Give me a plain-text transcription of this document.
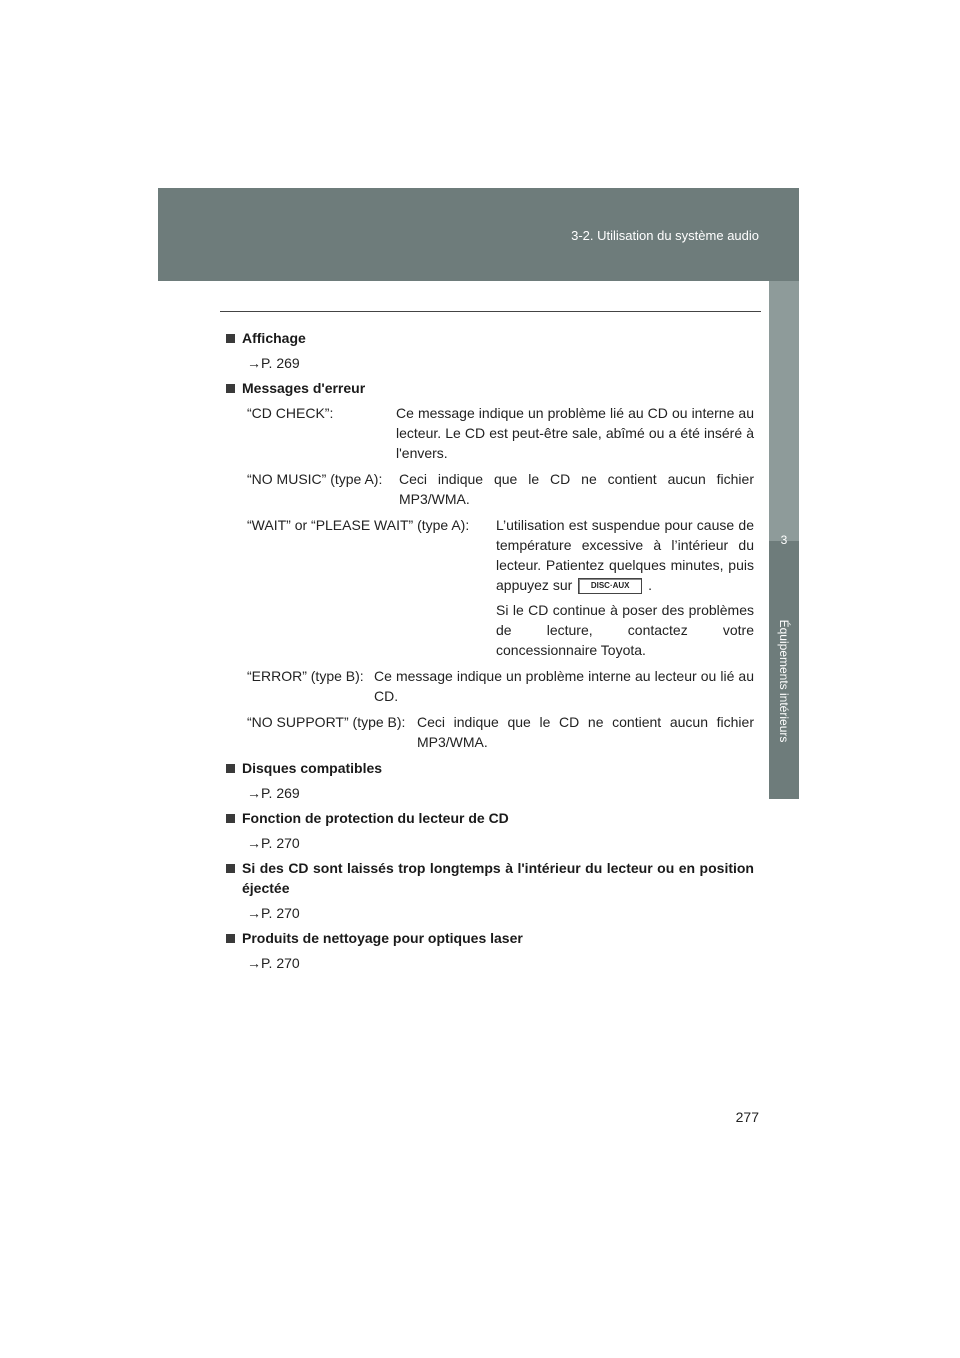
3-2. Utilisation du système audio
3
Équipements intérieurs
Affichage
→P. 269
Messages d'erreur
“CD CHECK”:	Ce message indique un problème lié au CD ou interne au lecteur. Le CD est peut-être sale, abîmé ou a été inséré à l'envers.

“NO MUSIC” (type A):	Ceci indique que le CD ne contient aucun fichier MP3/WMA.

“WAIT” or “PLEASE WAIT” (type A):	L’utilisation est suspendue pour cause de température excessive à l’intérieur du lecteur. Patientez quelques minutes, puis appuyez sur DISC·AUX .

Si le CD continue à poser des problèmes de lecture, contactez votre concessionnaire Toyota.

“ERROR” (type B): Ce message indique un problème interne au lecteur ou lié au CD.

“NO SUPPORT” (type B): Ceci indique que le CD ne contient aucun fichier MP3/WMA.

Disques compatibles
→P. 269
Fonction de protection du lecteur de CD
→P. 270
Si des CD sont laissés trop longtemps à l'intérieur du lecteur ou en position éjectée
→P. 270
Produits de nettoyage pour optiques laser
→P. 270
277
